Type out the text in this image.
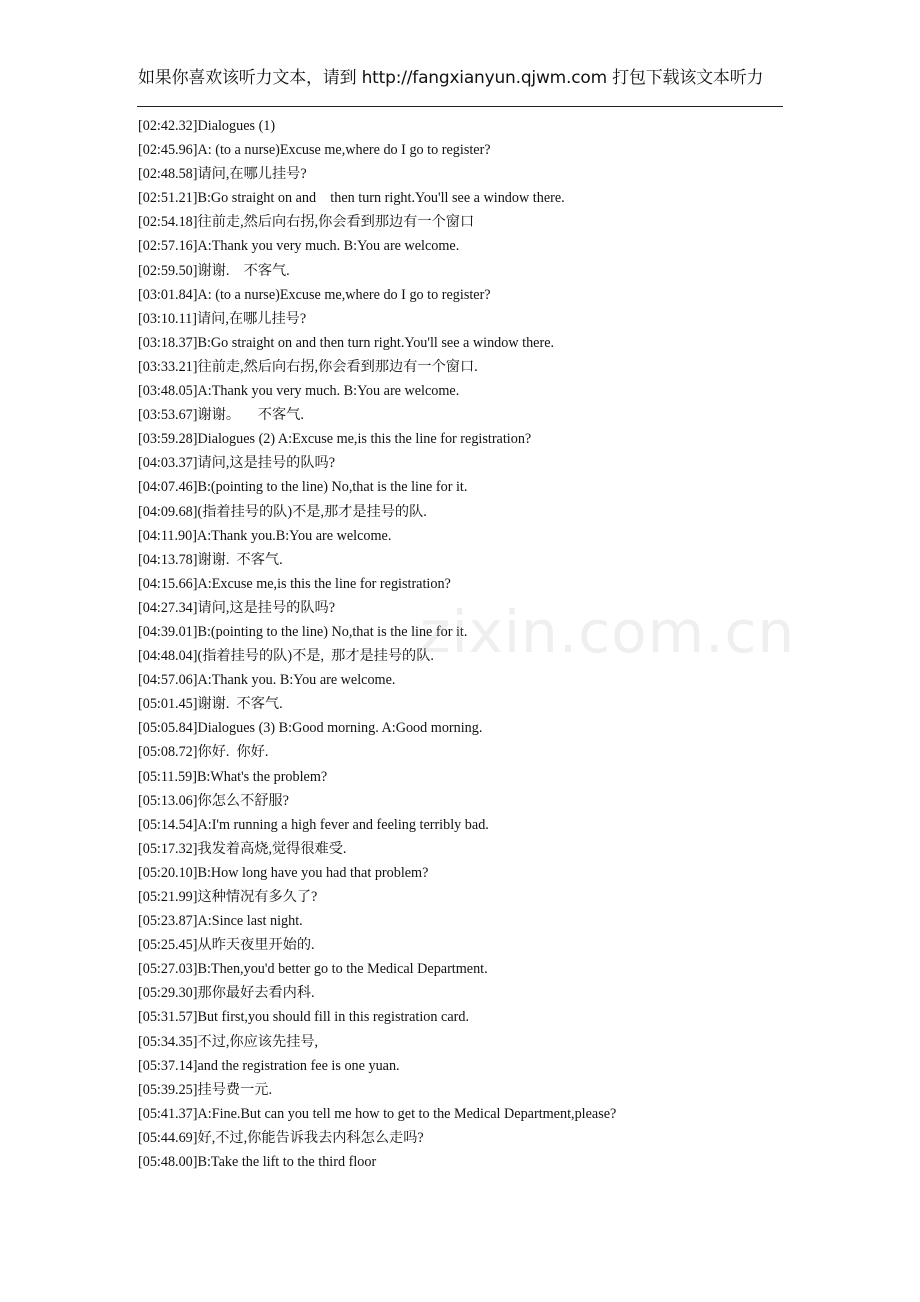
如果你喜欢该听力文本，请到 http://fangxianyun.qjwm.com 打包下载该文本听力
[02:42.32]Dialogues (1)
[02:45.96]A: (to a nurse)Excuse me,where do I go to register?
[02:48.58]请问,在哪儿挂号?
[02:51.21]B:Go straight on and    then turn right.You'll see a window there.
[02:54.18]往前走,然后向右拐,你会看到那边有一个窗口
[02:57.16]A:Thank you very much. B:You are welcome.
[02:59.50]谢谢.    不客气.
[03:01.84]A: (to a nurse)Excuse me,where do I go to register?
[03:10.11]请问,在哪儿挂号?
[03:18.37]B:Go straight on and then turn right.You'll see a window there.
[03:33.21]往前走,然后向右拐,你会看到那边有一个窗口.
[03:48.05]A:Thank you very much. B:You are welcome.
[03:53.67]谢谢。     不客气.
[03:59.28]Dialogues (2) A:Excuse me,is this the line for registration?
[04:03.37]请问,这是挂号的队吗?
[04:07.46]B:(pointing to the line) No,that is the line for it.
[04:09.68](指着挂号的队)不是,那才是挂号的队.
[04:11.90]A:Thank you.B:You are welcome.
[04:13.78]谢谢.  不客气.
[04:15.66]A:Excuse me,is this the line for registration?
[04:27.34]请问,这是挂号的队吗?
[04:39.01]B:(pointing to the line) No,that is the line for it.
[04:48.04](指着挂号的队)不是,  那才是挂号的队.
[04:57.06]A:Thank you. B:You are welcome.
[05:01.45]谢谢.  不客气.
[05:05.84]Dialogues (3) B:Good morning. A:Good morning.
[05:08.72]你好.  你好.
[05:11.59]B:What's the problem?
[05:13.06]你怎么不舒服?
[05:14.54]A:I'm running a high fever and feeling terribly bad.
[05:17.32]我发着高烧,觉得很难受.
[05:20.10]B:How long have you had that problem?
[05:21.99]这种情况有多久了?
[05:23.87]A:Since last night.
[05:25.45]从昨天夜里开始的.
[05:27.03]B:Then,you'd better go to the Medical Department.
[05:29.30]那你最好去看内科.
[05:31.57]But first,you should fill in this registration card.
[05:34.35]不过,你应该先挂号,
[05:37.14]and the registration fee is one yuan.
[05:39.25]挂号费一元.
[05:41.37]A:Fine.But can you tell me how to get to the Medical Department,please?
[05:44.69]好,不过,你能告诉我去内科怎么走吗?
[05:48.00]B:Take the lift to the third floor
zixin.com.cn
